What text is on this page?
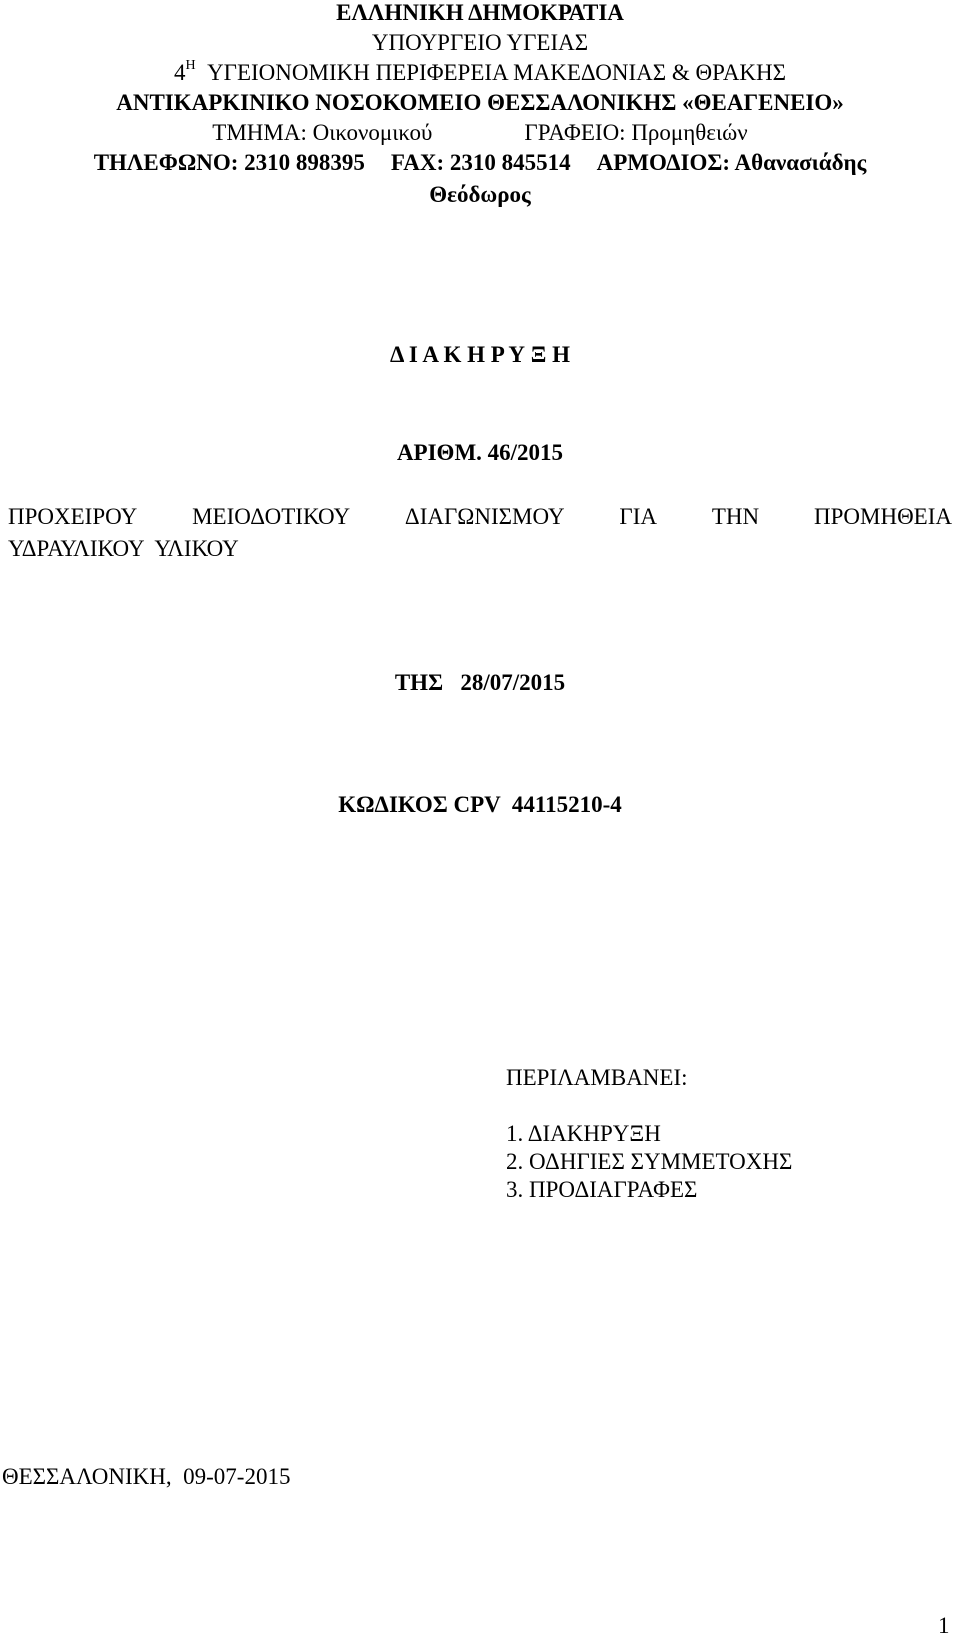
ΕΛΛΗΝΙΚΗ ΔΗΜΟΚΡΑΤΙΑ
ΥΠΟΥΡΓΕΙΟ ΥΓΕΙΑΣ
$4^H$ ΥΓΕΙΟΝΟΜΙΚΗ ΠΕΡΙΦΕΡΕΙΑ ΜΑΚΕΔΟΝΙΑΣ & ΘΡΑΚΗΣ
ΑΝΤΙΚΑΡΚΙΝΙΚΟ ΝΟΣΟΚΟΜΕΙΟ ΘΕΣΣΑΛΟΝΙΚΗΣ «ΘΕΑΓΕΝΕΙΟ»
ΤΜΗΜΑ: Οικονομικού	ΓΡΑΦΕΙΟ: Προμηθειών
ΤΗΛΕΦΩΝΟ: 2310 898395 FAX: 2310 845514 ΑΡΜΟΔΙΟΣ: Αθανασιάδης
Θεόδωρος
Δ Ι Α Κ Η Ρ Υ Ξ Η
ΑΡΙΘΜ. 46/2015
ΠΡΟΧΕΙΡΟΥ ΜΕΙΟΔΟΤΙΚΟΥ ΔΙΑΓΩΝΙΣΜΟΥ ΓΙΑ ΤΗΝ ΠΡΟΜΗΘΕΙΑ
ΥΔΡΑΥΛΙΚΟΥ  ΥΛΙΚΟΥ
ΤΗΣ   28/07/2015
ΚΩΔΙΚΟΣ CPV  44115210-4
ΠΕΡΙΛΑΜΒΑΝΕΙ:
1. ΔΙΑΚΗΡΥΞΗ
2. ΟΔΗΓΙΕΣ ΣΥΜΜΕΤΟΧΗΣ
3. ΠΡΟΔΙΑΓΡΑΦΕΣ
ΘΕΣΣΑΛΟΝΙΚΗ,  09-07-2015
1
